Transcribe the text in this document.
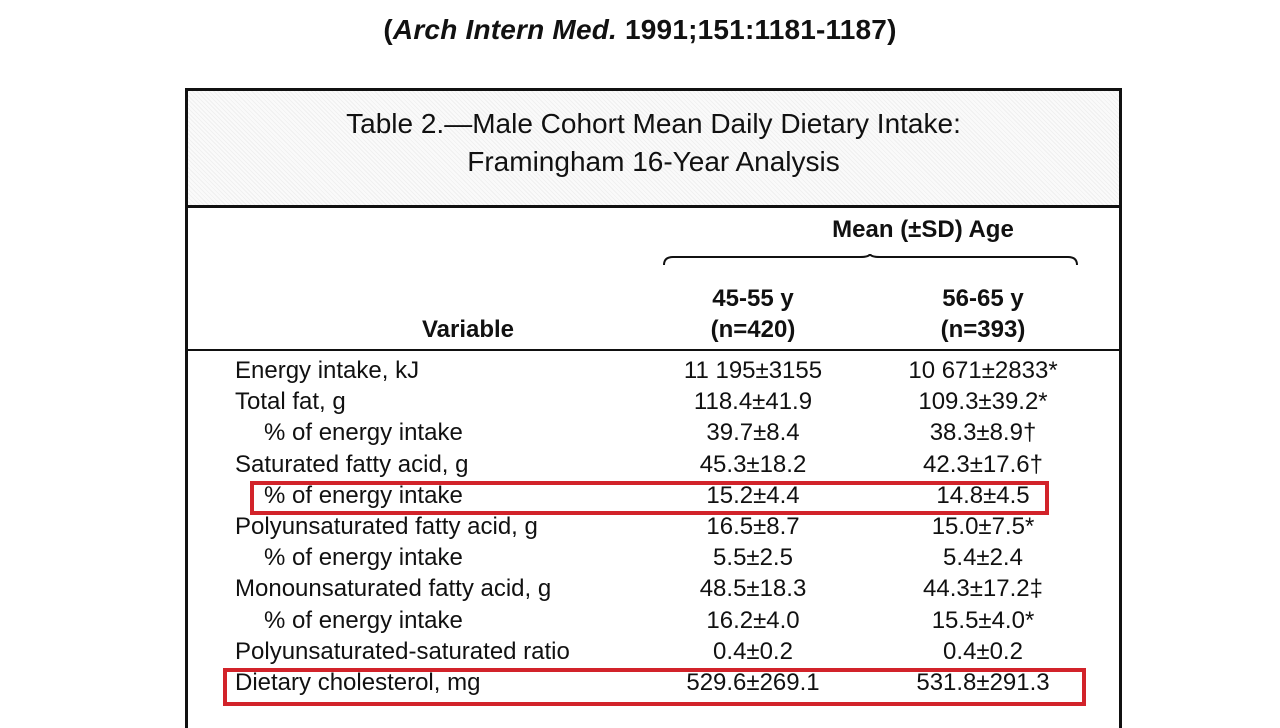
(Arch Intern Med. 1991;151:1181-1187)
Table 2.—Male Cohort Mean Daily Dietary Intake:
Framingham 16-Year Analysis
Mean (±SD) Age
Variable
45-55 y
(n=420)
56-65 y
(n=393)
Energy intake, kJ	11 195±3155	10 671±2833*
Total fat, g	118.4±41.9	109.3±39.2*
% of energy intake	39.7±8.4	38.3±8.9†
Saturated fatty acid, g	45.3±18.2	42.3±17.6†
% of energy intake	15.2±4.4	14.8±4.5
Polyunsaturated fatty acid, g	16.5±8.7	15.0±7.5*
% of energy intake	5.5±2.5	5.4±2.4
Monounsaturated fatty acid, g	48.5±18.3	44.3±17.2‡
% of energy intake	16.2±4.0	15.5±4.0*
Polyunsaturated-saturated ratio	0.4±0.2	0.4±0.2
Dietary cholesterol, mg	529.6±269.1	531.8±291.3
